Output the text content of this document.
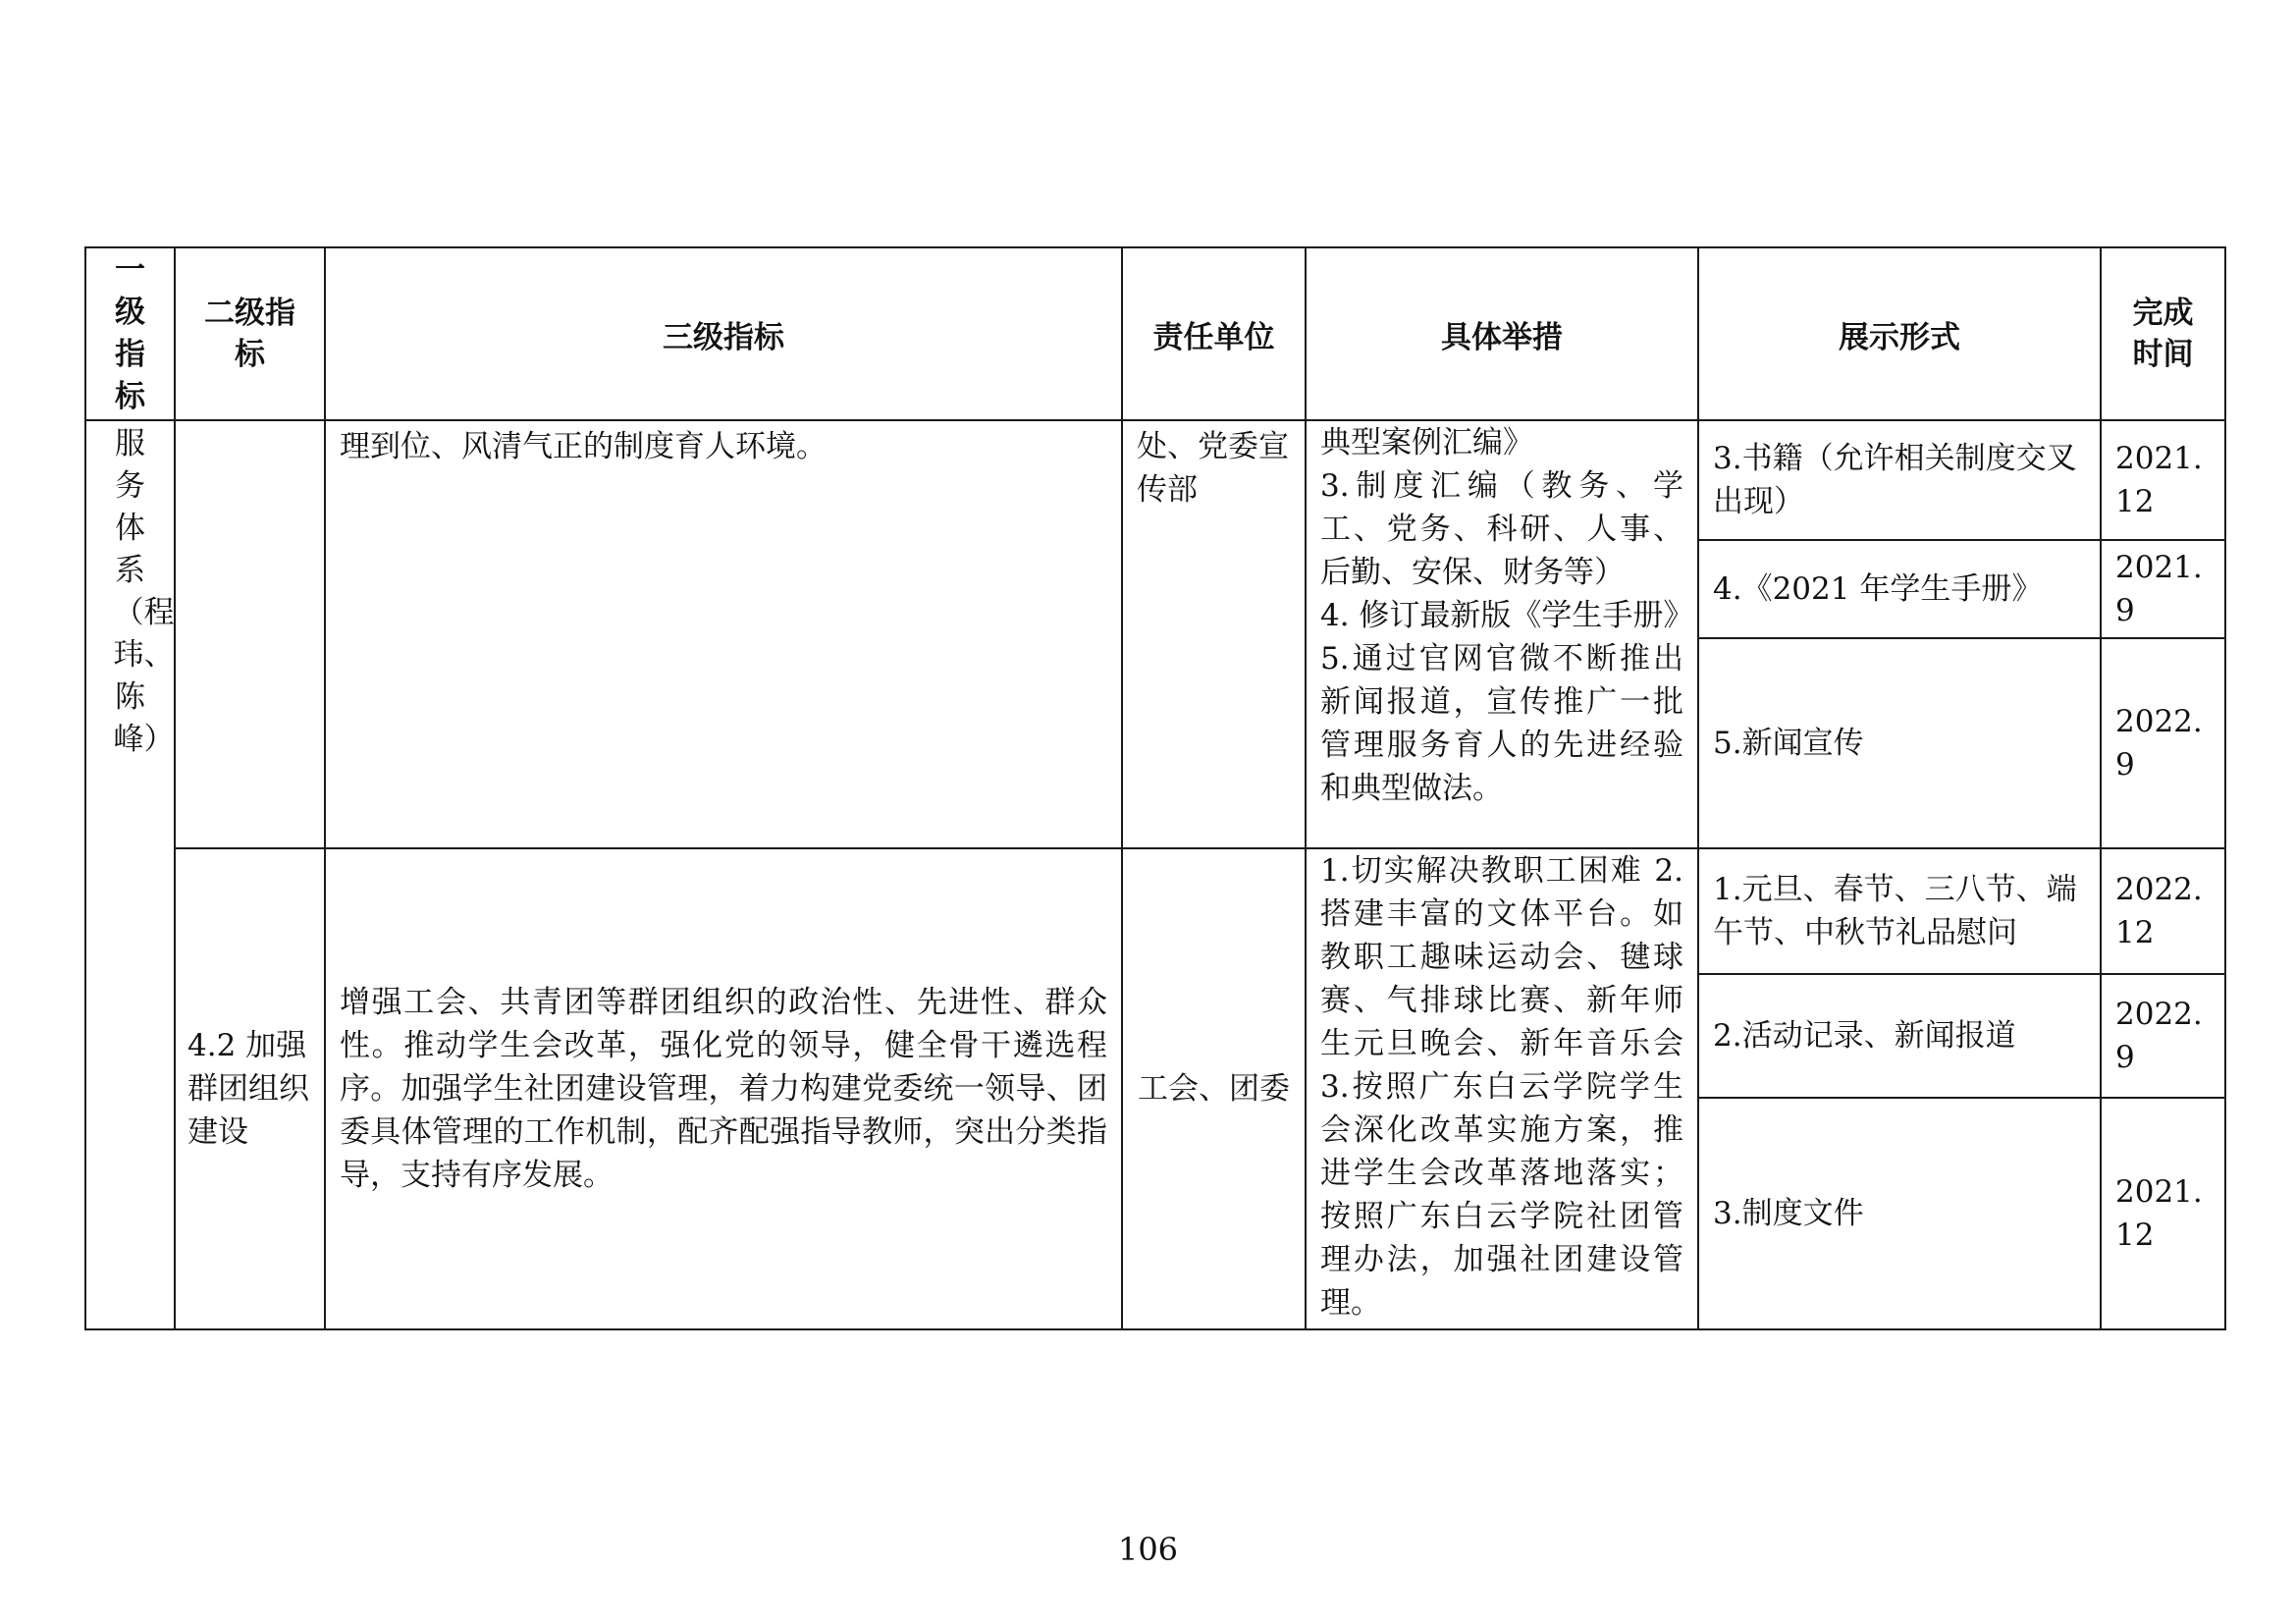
一级指标	二级指标	三级指标	责任单位	具体举措	展示形式	完成时间

服务体系（程玮、陈峰）		理到位、风清气正的制度育人环境。	处、党委宣传部	典型案例汇编》
3.制度汇编（教务、学工、党务、科研、人事、后勤、安保、财务等）
4. 修订最新版《学生手册》
5.通过官网官微不断推出新闻报道，宣传推广一批管理服务育人的先进经验和典型做法。	3.书籍（允许相关制度交叉出现）	2021.12

					4.《2021 年学生手册》	2021.9

					5.新闻宣传	2022.9

	4.2 加强群团组织建设	增强工会、共青团等群团组织的政治性、先进性、群众性。推动学生会改革，强化党的领导，健全骨干遴选程序。加强学生社团建设管理，着力构建党委统一领导、团委具体管理的工作机制，配齐配强指导教师，突出分类指导，支持有序发展。	工会、团委	1.切实解决教职工困难 2.搭建丰富的文体平台。如教职工趣味运动会、毽球赛、气排球比赛、新年师生元旦晚会、新年音乐会 3.按照广东白云学院学生会深化改革实施方案，推进学生会改革落地落实；按照广东白云学院社团管理办法，加强社团建设管理。	1.元旦、春节、三八节、端午节、中秋节礼品慰问	2022.12

					2.活动记录、新闻报道	2022.9

					3.制度文件	2021.12
106
